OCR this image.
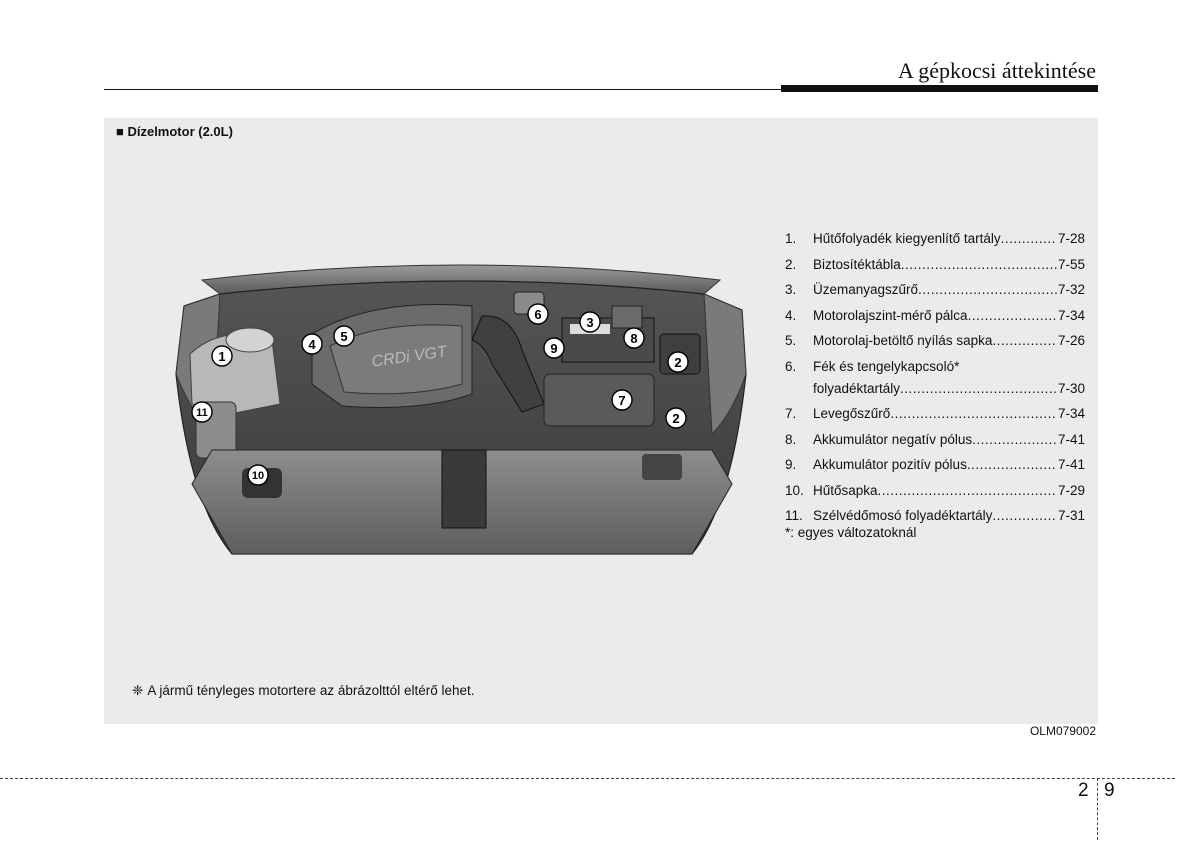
A gépkocsi áttekintése
■ Dízelmotor (2.0L)
CRDi VGT
1	2
2
3
4
5
6
7
8
9
10
11
1.	Hűtőfolyadék kiegyenlítő tartály .....	7-28
2.	Biztosítéktábla .....	7-55
3.	Üzemanyagszűrő .....	7-32
4.	Motorolajszint-mérő pálca .....	7-34
5.	Motorolaj-betöltő nyílás sapka .....	7-26
6.	Fék és tengelykapcsoló*
folyadéktartály .....	7-30
7.	Levegőszűrő .....	7-34
8.	Akkumulátor negatív pólus .....	7-41
9.	Akkumulátor pozitív pólus .....	7-41
10. Hűtősapka .....	7-29
11. Szélvédőmosó folyadéktartály .....	7-31
*: egyes változatoknál
❈ A jármű tényleges motortere az ábrázolttól eltérő lehet.
OLM079002
2 9
